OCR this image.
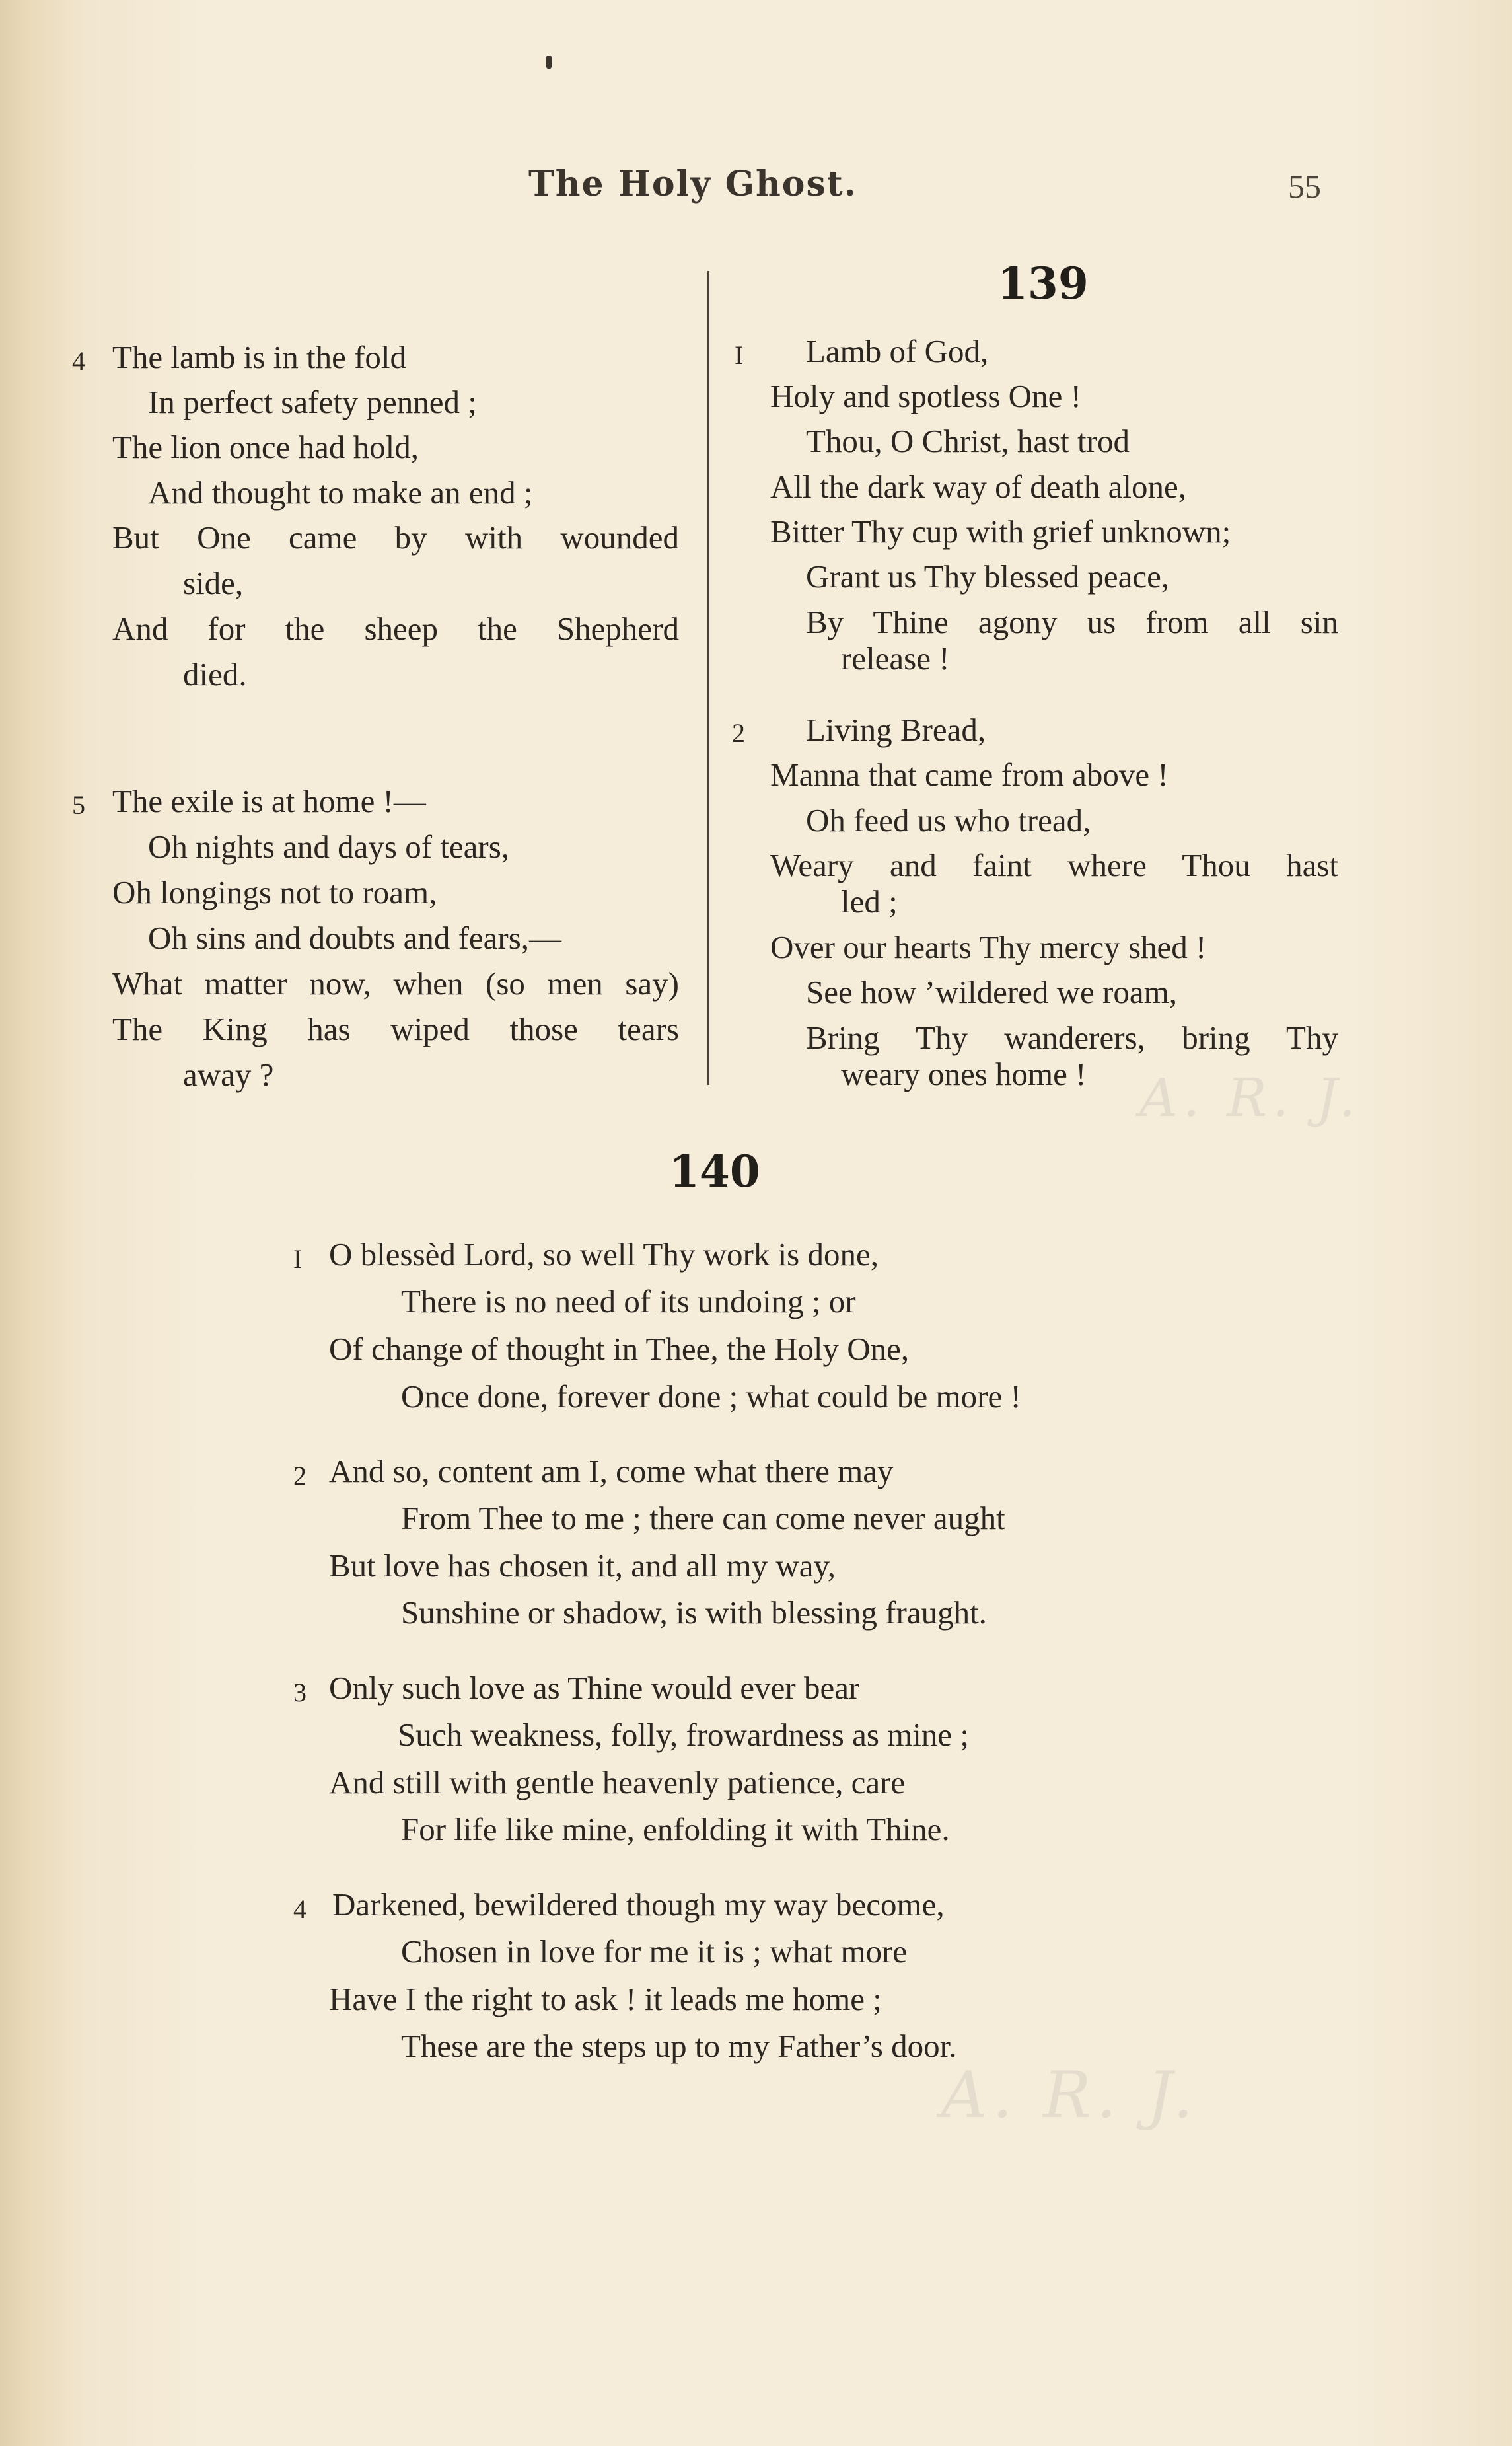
The Holy Ghost.	55
4 The lamb is in the fold
In perfect safety penned ;
The lion once had hold,
And thought to make an end ;
But One came by with wounded
side,
And for the sheep the Shepherd
died.
5 The exile is at home !—
Oh nights and days of tears,
Oh longings not to roam,
Oh sins and doubts and fears,—
What matter now, when (so men say)
The King has wiped those tears
away ?
139
I Lamb of God,
Holy and spotless One !
Thou, O Christ, hast trod
All the dark way of death alone,
Bitter Thy cup with grief unknown;
Grant us Thy blessed peace,
By Thine agony us from all sin
release !
2 Living Bread,
Manna that came from above !
Oh feed us who tread,
Weary and faint where Thou hast
led ;
Over our hearts Thy mercy shed !
See how ’wildered we roam,
Bring Thy wanderers, bring Thy
weary ones home ! A. R. J.
140
I O blessèd Lord, so well Thy work is done,
There is no need of its undoing ; or
Of change of thought in Thee, the Holy One,
Once done, forever done ; what could be more !
2 And so, content am I, come what there may
From Thee to me ; there can come never aught
But love has chosen it, and all my way,
Sunshine or shadow, is with blessing fraught.
3 Only such love as Thine would ever bear
Such weakness, folly, frowardness as mine ;
And still with gentle heavenly patience, care
For life like mine, enfolding it with Thine.
4 Darkened, bewildered though my way become,
Chosen in love for me it is ; what more
Have I the right to ask ! it leads me home ;
These are the steps up to my Father’s door.
A. R. J.
